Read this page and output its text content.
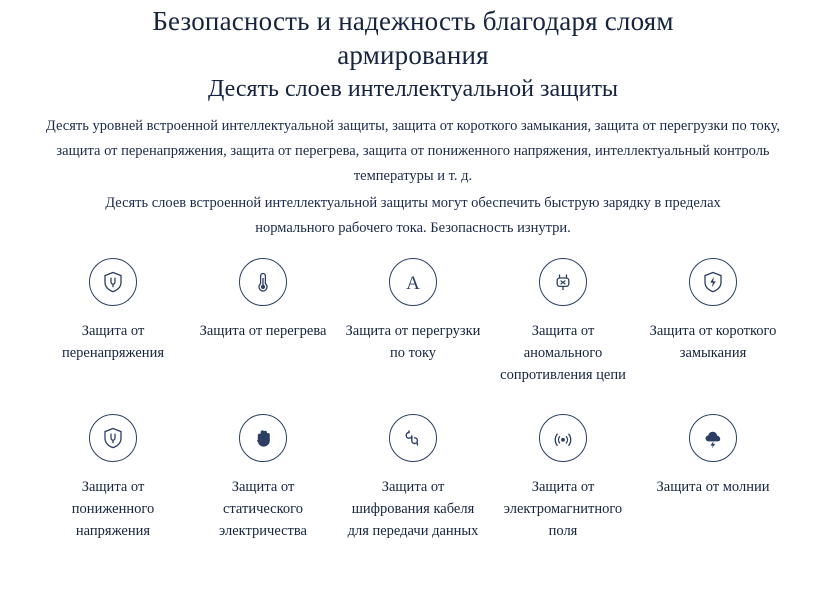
Безопасность и надежность благодаря слоям армирования
Десять слоев интеллектуальной защиты

Десять уровней встроенной интеллектуальной защиты, защита от короткого замыкания, защита от перегрузки по току, защита от перенапряжения, защита от перегрева, защита от пониженного напряжения, интеллектуальный контроль температуры и т. д.

Десять слоев встроенной интеллектуальной защиты могут обеспечить быструю зарядку в пределах нормального рабочего тока. Безопасность изнутри.

Защита от перенапряжения
Защита от перегрева
A
Защита от перегрузки по току
Защита от аномального сопротивления цепи
Защита от короткого замыкания
Защита от пониженного напряжения
Защита от статического электричества
Защита от шифрования кабеля для передачи данных
Защита от электромагнитного поля
Защита от молнии
